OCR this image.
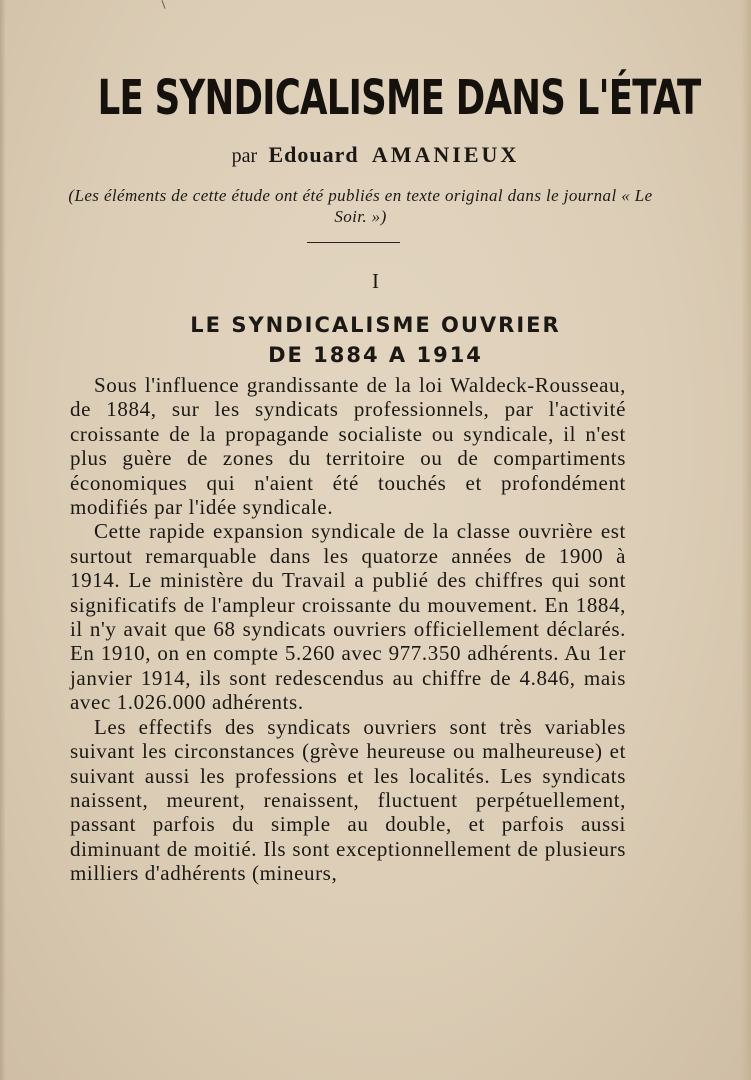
LE SYNDICALISME DANS L'ÉTAT
par Edouard AMANIEUX
(Les éléments de cette étude ont été publiés en texte original dans le journal « Le Soir. »)
I
LE SYNDICALISME OUVRIER
DE 1884 A 1914

Sous l'influence grandissante de la loi Waldeck-Rousseau, de 1884, sur les syndicats professionnels, par l'activité croissante de la propagande socialiste ou syndicale, il n'est plus guère de zones du territoire ou de compartiments économiques qui n'aient été touchés et profondément modifiés par l'idée syndicale.

Cette rapide expansion syndicale de la classe ouvrière est surtout remarquable dans les quatorze années de 1900 à 1914. Le ministère du Travail a publié des chiffres qui sont significatifs de l'ampleur croissante du mouvement. En 1884, il n'y avait que 68 syndicats ouvriers officiellement déclarés. En 1910, on en compte 5.260 avec 977.350 adhérents. Au 1er janvier 1914, ils sont redescendus au chiffre de 4.846, mais avec 1.026.000 adhérents.

Les effectifs des syndicats ouvriers sont très variables suivant les circonstances (grève heureuse ou malheureuse) et suivant aussi les professions et les localités. Les syndicats naissent, meurent, renaissent, fluctuent perpétuellement, passant parfois du simple au double, et parfois aussi diminuant de moitié. Ils sont exceptionnellement de plusieurs milliers d'adhérents (mineurs,
